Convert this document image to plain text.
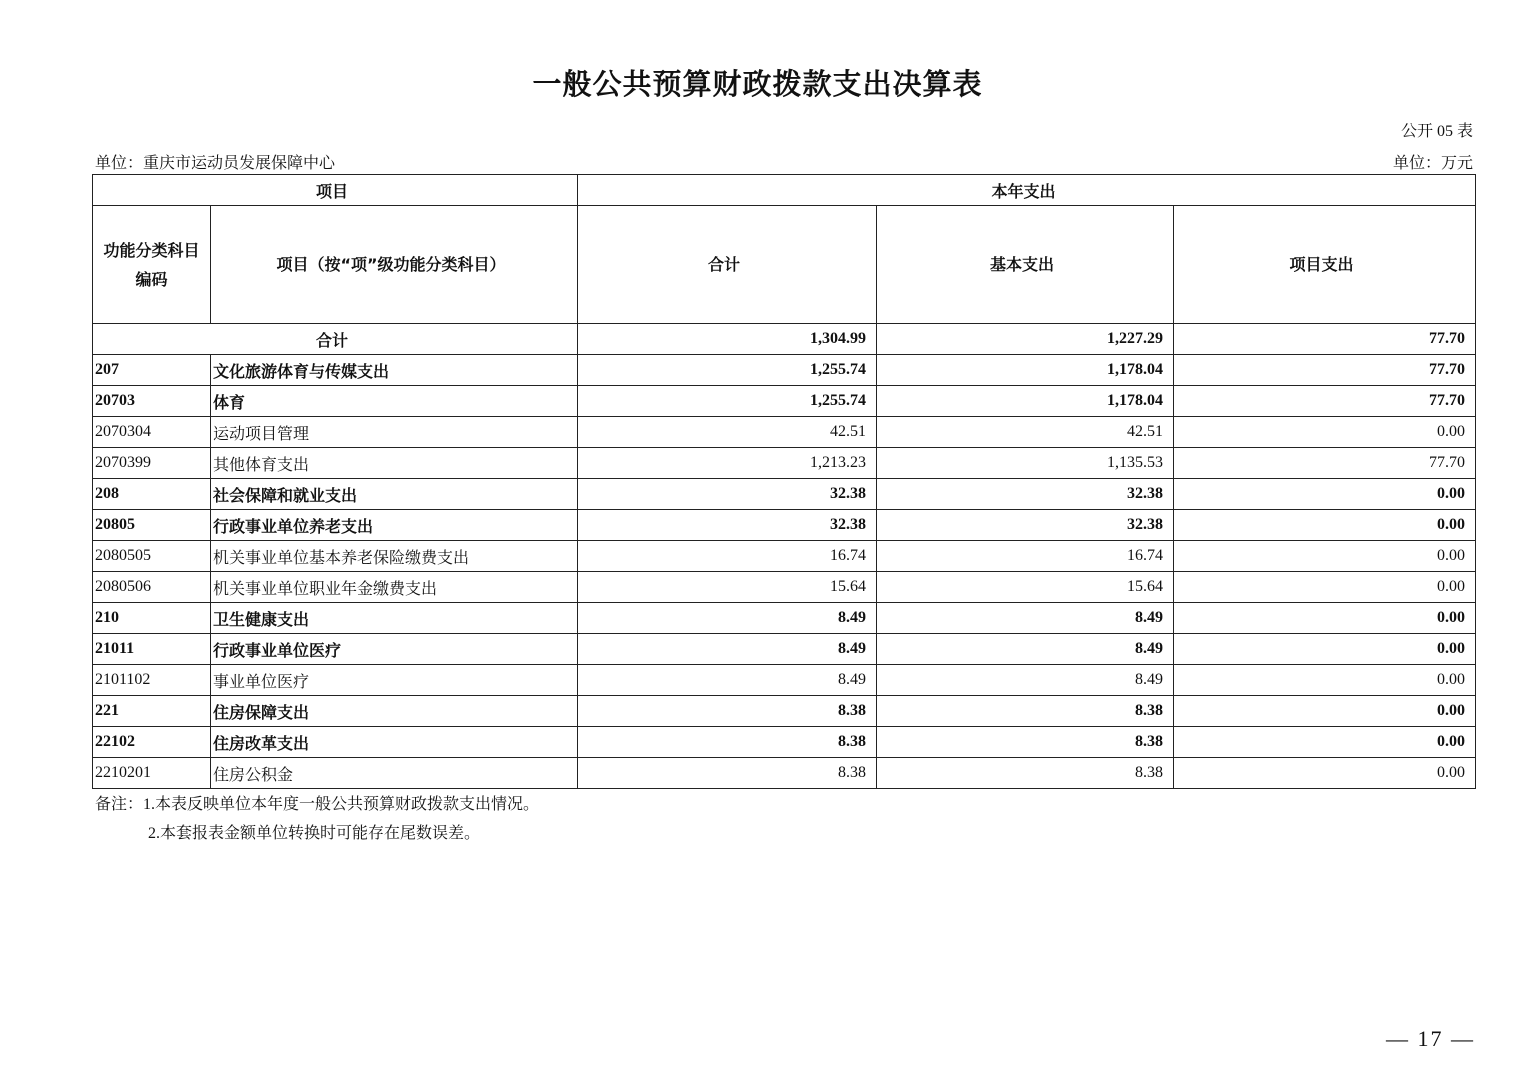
一般公共预算财政拨款支出决算表
公开 05 表
单位：重庆市运动员发展保障中心	单位：万元
项目		本年支出		
功能分类科目编码	项目（按“项”级功能分类科目）	合计	基本支出	项目支出
合计		1,304.99	1,227.29	77.70
207	文化旅游体育与传媒支出	1,255.74	1,178.04	77.70
20703	体育	1,255.74	1,178.04	77.70
2070304	运动项目管理	42.51	42.51	0.00
2070399	其他体育支出	1,213.23	1,135.53	77.70
208	社会保障和就业支出	32.38	32.38	0.00
20805	行政事业单位养老支出	32.38	32.38	0.00
2080505	机关事业单位基本养老保险缴费支出	16.74	16.74	0.00
2080506	机关事业单位职业年金缴费支出	15.64	15.64	0.00
210	卫生健康支出	8.49	8.49	0.00
21011	行政事业单位医疗	8.49	8.49	0.00
2101102	事业单位医疗	8.49	8.49	0.00
221	住房保障支出	8.38	8.38	0.00
22102	住房改革支出	8.38	8.38	0.00
2210201	住房公积金	8.38	8.38	0.00
备注：1.本表反映单位本年度一般公共预算财政拨款支出情况。
2.本套报表金额单位转换时可能存在尾数误差。
— 17 —
